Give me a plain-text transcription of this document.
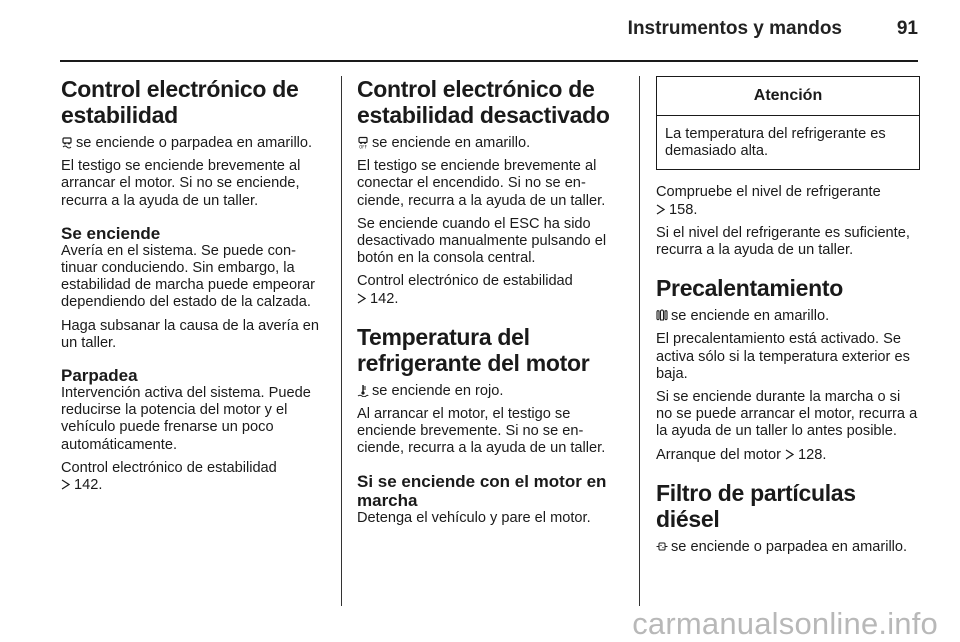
Instrumentos y mandos	91
Control electrónico de estabilidad

se enciende o parpadea en amarillo.

El testigo se enciende brevemente al arrancar el motor. Si no se enciende, recurra a la ayuda de un taller.

Se enciende

Avería en el sistema. Se puede continuar conduciendo. Sin embargo, la estabilidad de marcha puede empeorar dependiendo del estado de la calzada.

Haga subsanar la causa de la avería en un taller.

Parpadea

Intervención activa del sistema. Puede reducirse la potencia del motor y el vehículo puede frenarse un poco automáticamente.

Control electrónico de estabilidad

142.

Control electrónico de estabilidad desactivado

OFF se enciende en amarillo.

El testigo se enciende brevemente al conectar el encendido. Si no se enciende, recurra a la ayuda de un taller.

Se enciende cuando el ESC ha sido desactivado manualmente pulsando el botón en la consola central.

Control electrónico de estabilidad

142.

Temperatura del refrigerante del motor

se enciende en rojo.

Al arrancar el motor, el testigo se enciende brevemente. Si no se enciende, recurra a la ayuda de un taller.

Si se enciende con el motor en marcha

Detenga el vehículo y pare el motor.

Atención
La temperatura del refrigerante es demasiado alta.

Compruebe el nivel de refrigerante

158.

Si el nivel del refrigerante es suficiente, recurra a la ayuda de un taller.

Precalentamiento

se enciende en amarillo.

El precalentamiento está activado. Se activa sólo si la temperatura exterior es baja.

Si se enciende durante la marcha o si no se puede arrancar el motor, recurra a la ayuda de un taller lo antes posible.

Arranque del motor 128.

Filtro de partículas diésel

se enciende o parpadea en amarillo.

carmanualsonline.info
